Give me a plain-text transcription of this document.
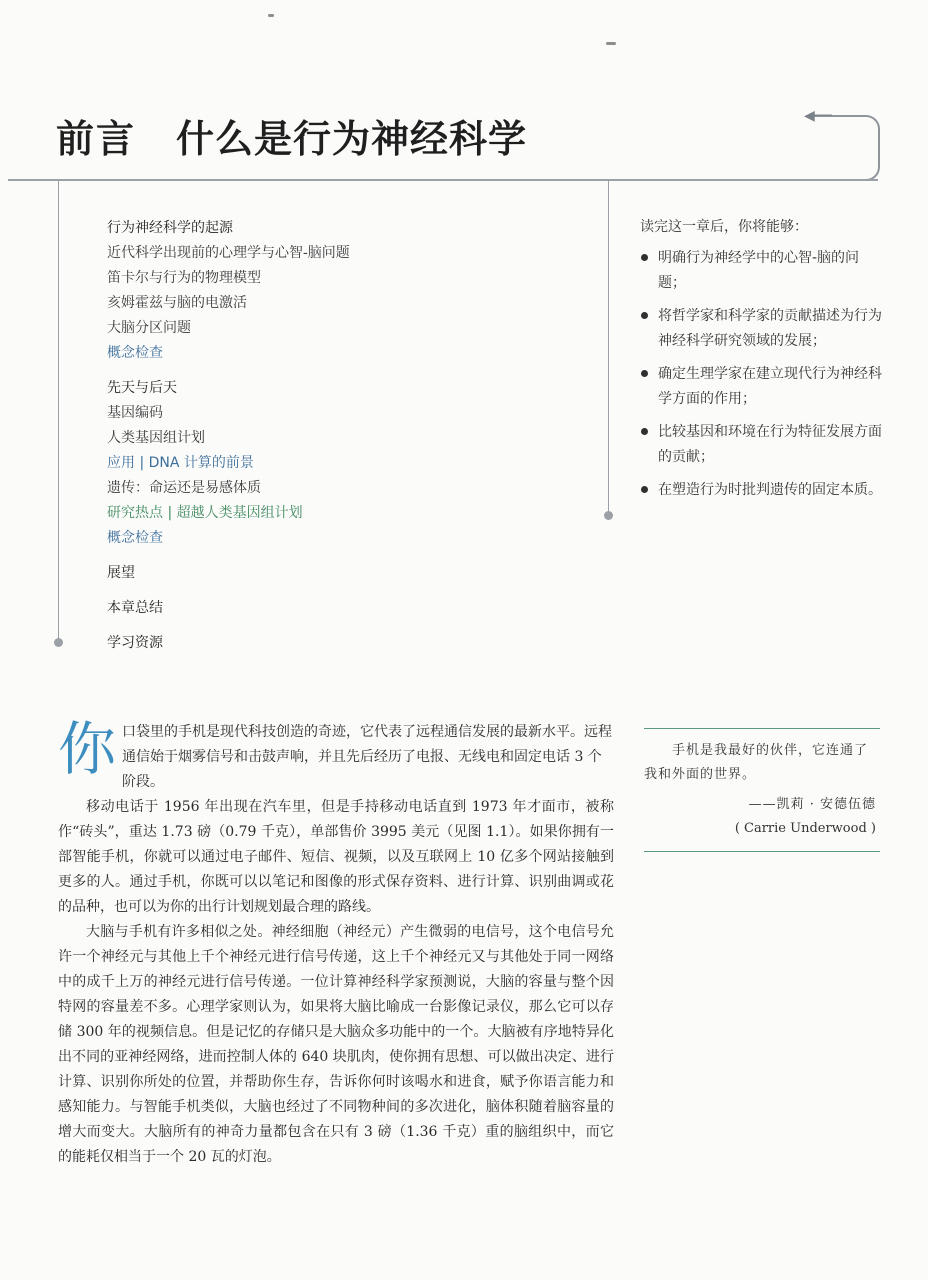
◀──
前言 什么是行为神经科学
行为神经科学的起源
近代科学出现前的心理学与心智-脑问题
笛卡尔与行为的物理模型
亥姆霍兹与脑的电激活
大脑分区问题
概念检查
先天与后天
基因编码
人类基因组计划
应用 | DNA 计算的前景
遗传：命运还是易感体质
研究热点 | 超越人类基因组计划
概念检查
展望
本章总结
学习资源
读完这一章后，你将能够：
明确行为神经学中的心智-脑的问题；
将哲学家和科学家的贡献描述为行为神经科学研究领域的发展；
确定生理学家在建立现代行为神经科学方面的作用；
比较基因和环境在行为特征发展方面的贡献；
在塑造行为时批判遗传的固定本质。
你 口袋里的手机是现代科技创造的奇迹，它代表了远程通信发展的最新水平。远程通信始于烟雾信号和击鼓声响，并且先后经历了电报、无线电和固定电话 3 个阶段。

移动电话于 1956 年出现在汽车里，但是手持移动电话直到 1973 年才面市，被称作“砖头”，重达 1.73 磅（0.79 千克），单部售价 3995 美元（见图 1.1）。如果你拥有一部智能手机，你就可以通过电子邮件、短信、视频，以及互联网上 10 亿多个网站接触到更多的人。通过手机，你既可以以笔记和图像的形式保存资料、进行计算、识别曲调或花的品种，也可以为你的出行计划规划最合理的路线。

大脑与手机有许多相似之处。神经细胞（神经元）产生微弱的电信号，这个电信号允许一个神经元与其他上千个神经元进行信号传递，这上千个神经元又与其他处于同一网络中的成千上万的神经元进行信号传递。一位计算神经科学家预测说，大脑的容量与整个因特网的容量差不多。心理学家则认为，如果将大脑比喻成一台影像记录仪，那么它可以存储 300 年的视频信息。但是记忆的存储只是大脑众多功能中的一个。大脑被有序地特异化出不同的亚神经网络，进而控制人体的 640 块肌肉，使你拥有思想、可以做出决定、进行计算、识别你所处的位置，并帮助你生存，告诉你何时该喝水和进食，赋予你语言能力和感知能力。与智能手机类似，大脑也经过了不同物种间的多次进化，脑体积随着脑容量的增大而变大。大脑所有的神奇力量都包含在只有 3 磅（1.36 千克）重的脑组织中，而它的能耗仅相当于一个 20 瓦的灯泡。

手机是我最好的伙伴，它连通了我和外面的世界。
——凯莉 · 安德伍德
( Carrie Underwood )
